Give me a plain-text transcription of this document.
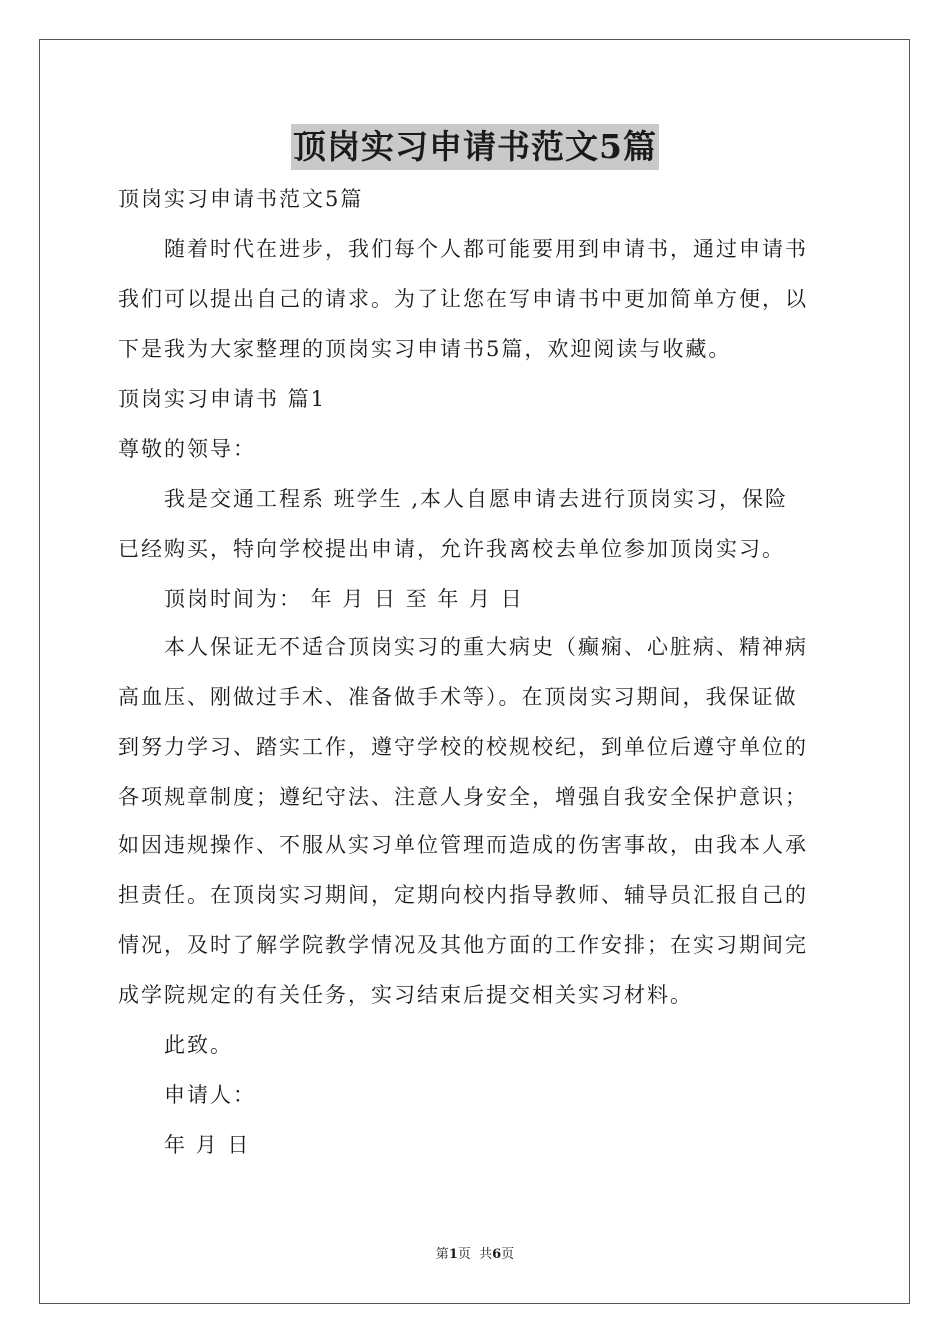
顶岗实习申请书范文5篇
顶岗实习申请书范文5篇
随着时代在进步，我们每个人都可能要用到申请书，通过申请书
我们可以提出自己的请求。为了让您在写申请书中更加简单方便，以
下是我为大家整理的顶岗实习申请书5篇，欢迎阅读与收藏。
顶岗实习申请书 篇1
尊敬的领导：
我是交通工程系 班学生 ,本人自愿申请去进行顶岗实习，保险
已经购买，特向学校提出申请，允许我离校去单位参加顶岗实习。
顶岗时间为： 年 月 日 至 年 月 日
本人保证无不适合顶岗实习的重大病史（癫痫、心脏病、精神病
高血压、刚做过手术、准备做手术等）。在顶岗实习期间，我保证做
到努力学习、踏实工作，遵守学校的校规校纪，到单位后遵守单位的
各项规章制度；遵纪守法、注意人身安全，增强自我安全保护意识；
如因违规操作、不服从实习单位管理而造成的伤害事故，由我本人承
担责任。在顶岗实习期间，定期向校内指导教师、辅导员汇报自己的
情况，及时了解学院教学情况及其他方面的工作安排；在实习期间完
成学院规定的有关任务，实习结束后提交相关实习材料。
此致。
申请人：
年 月 日
第1页  共6页
